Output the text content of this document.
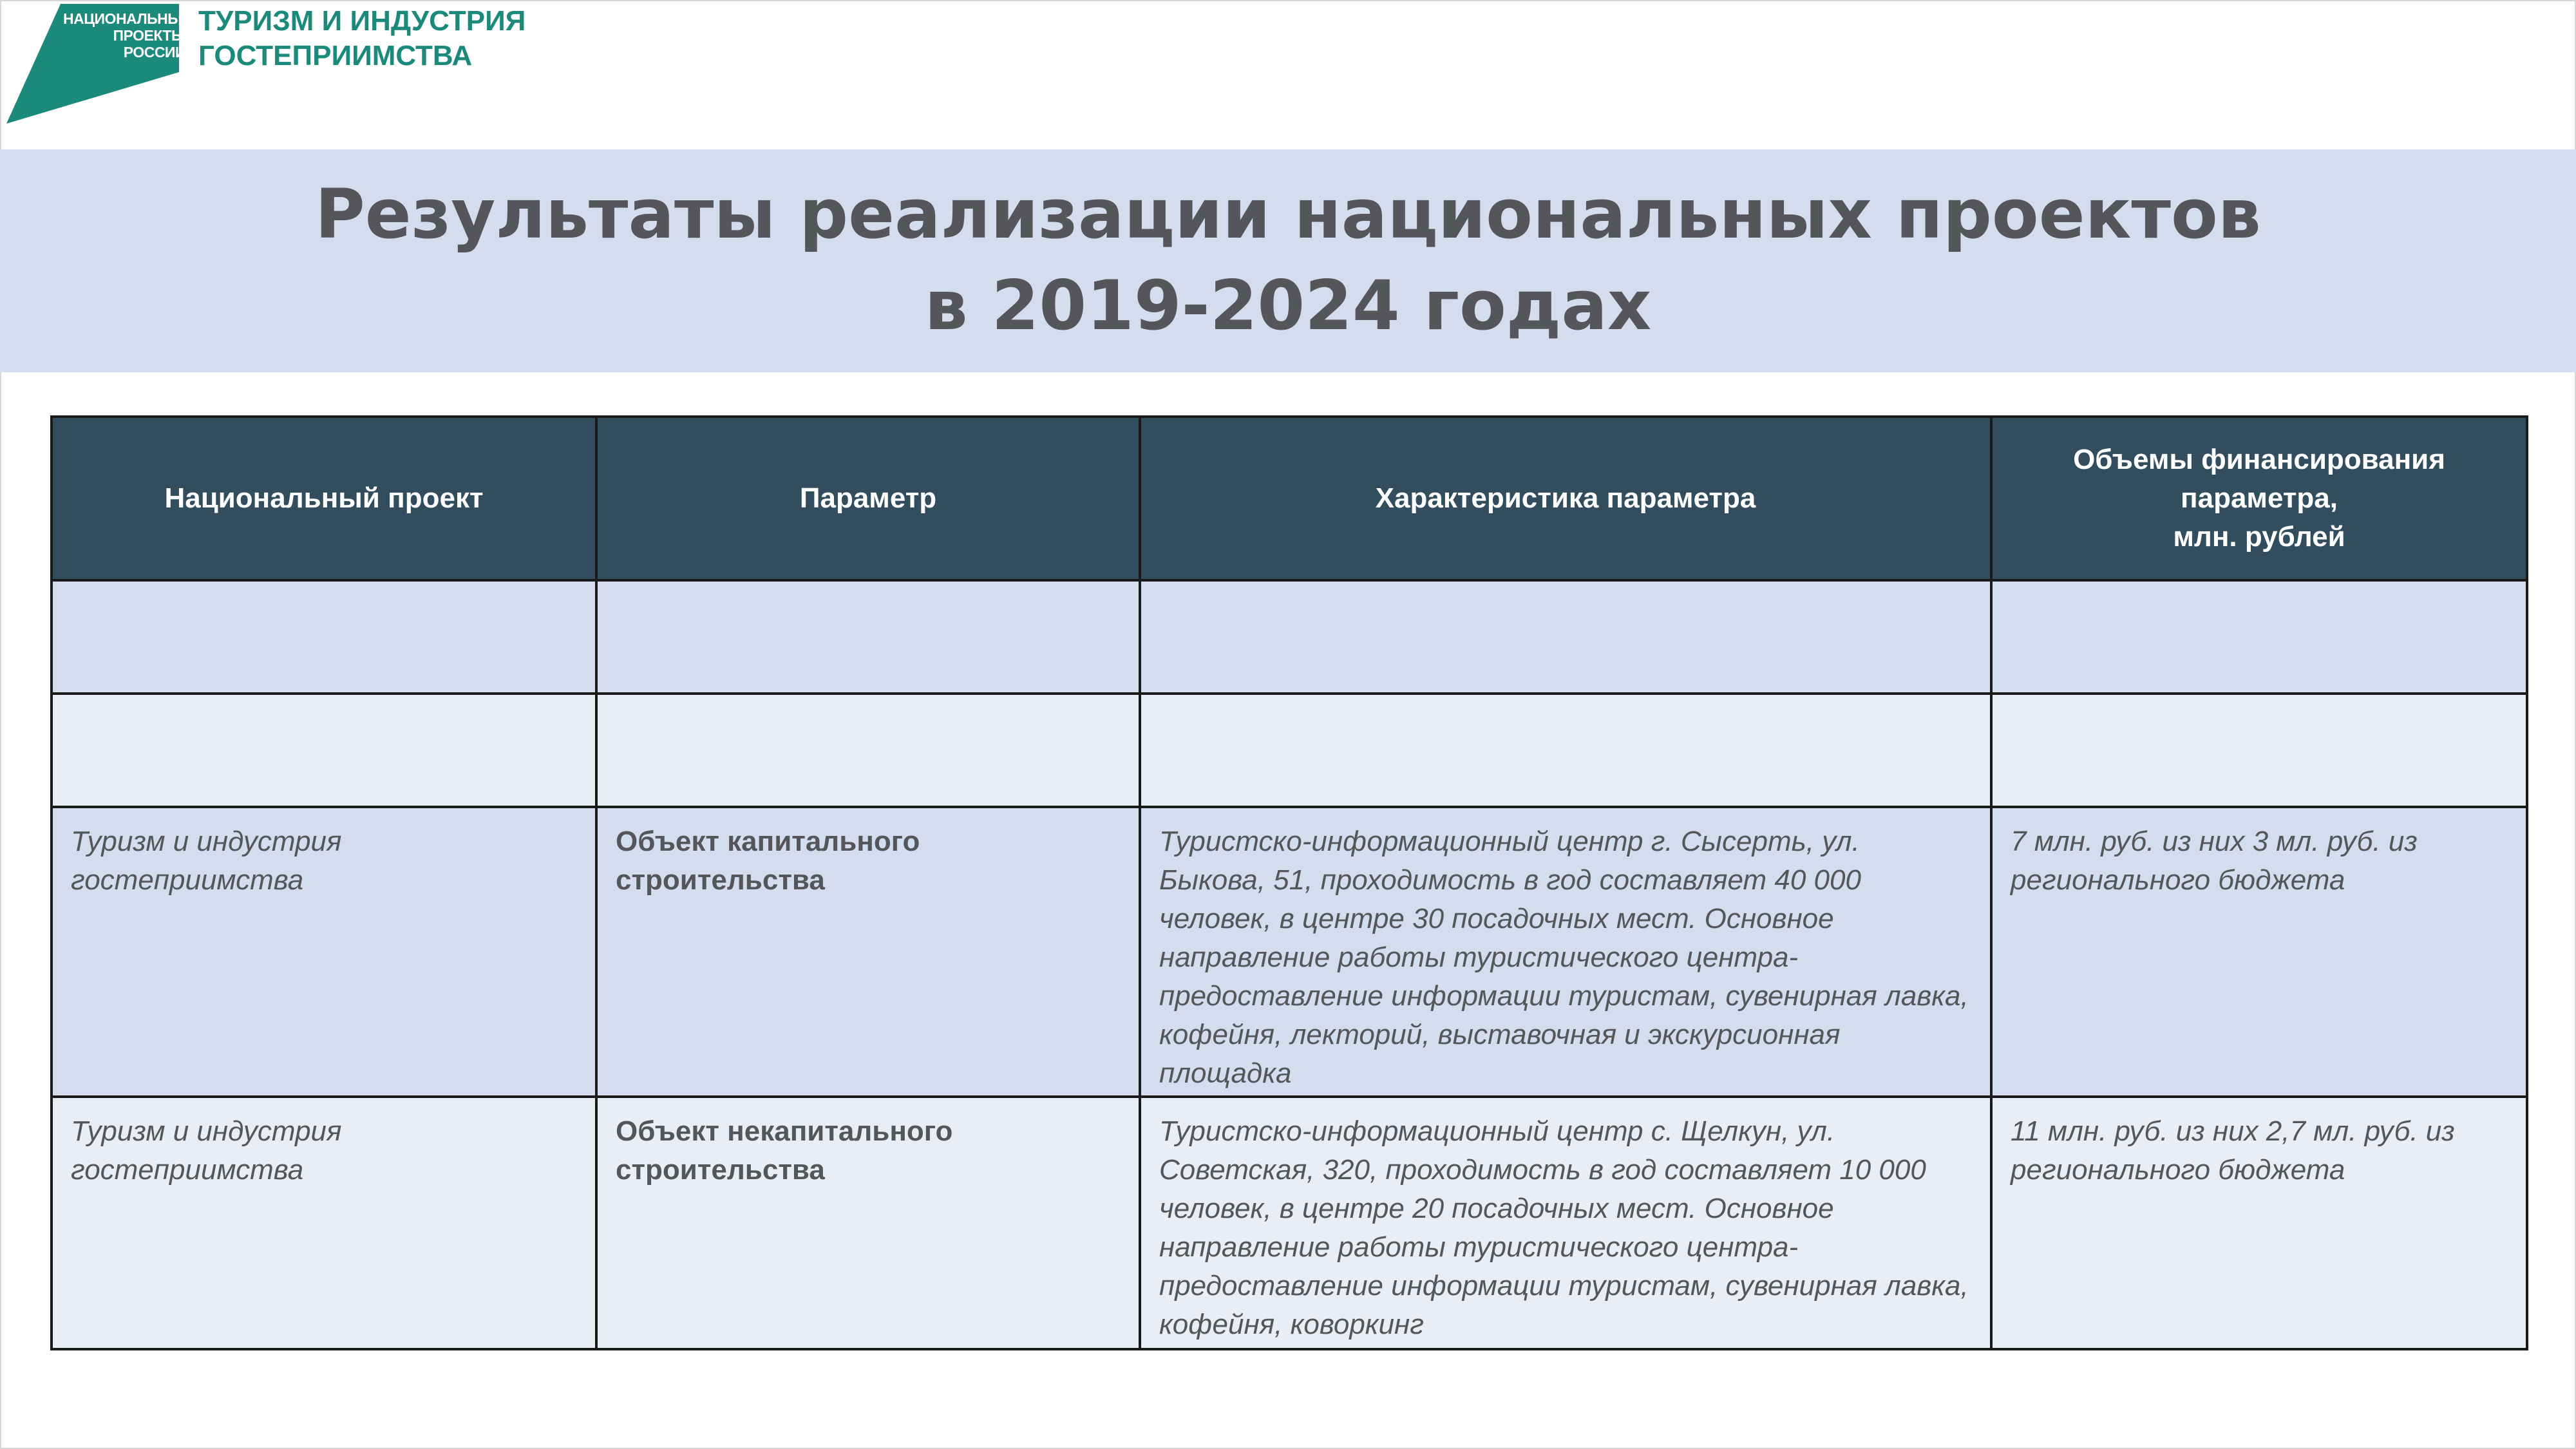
НАЦИОНАЛЬНЫЕ
ПРОЕКТЫ
РОССИИ
ТУРИЗМ И ИНДУСТРИЯ
ГОСТЕПРИИМСТВА
Результаты реализации национальных проектов
в 2019-2024 годах
Национальный проект	Параметр	Характеристика параметра	Объемы финансирования
параметра,
млн. рублей

Туризм и индустрия гостеприимства	Объект капитального строительства	Туристско-информационный центр г. Сысерть, ул. Быкова, 51, проходимость в год составляет 40 000 человек, в центре 30 посадочных мест. Основное направление работы туристического центра- предоставление информации туристам, сувенирная лавка, кофейня, лекторий, выставочная и экскурсионная площадка	7 млн. руб. из них 3 мл. руб. из регионального бюджета

Туризм и индустрия гостеприимства	Объект некапитального строительства	Туристско-информационный центр с. Щелкун, ул. Советская, 320, проходимость в год составляет 10 000 человек, в центре 20 посадочных мест. Основное направление работы туристического центра- предоставление информации туристам, сувенирная лавка, кофейня, коворкинг	11 млн. руб. из них 2,7 мл. руб. из регионального бюджета
